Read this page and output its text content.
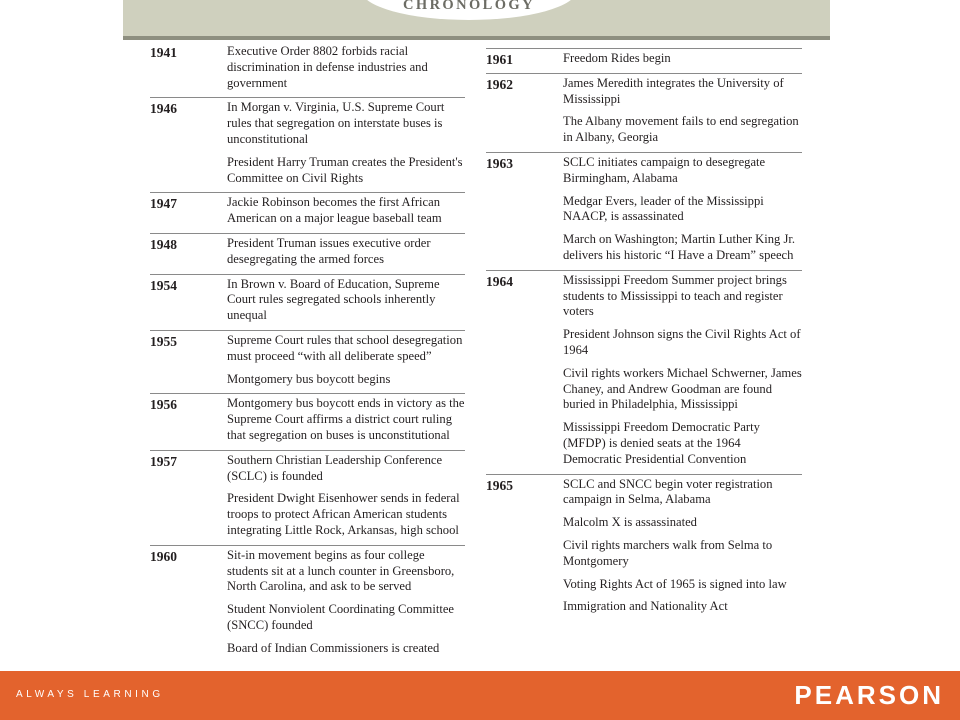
CHRONOLOGY
1941	Executive Order 8802 forbids racial discrimination in defense industries and government
1946	In Morgan v. Virginia, U.S. Supreme Court rules that segregation on interstate buses is unconstitutional
President Harry Truman creates the President's Committee on Civil Rights
1947	Jackie Robinson becomes the first African American on a major league baseball team
1948	President Truman issues executive order desegregating the armed forces
1954	In Brown v. Board of Education, Supreme Court rules segregated schools inherently unequal
1955	Supreme Court rules that school desegregation must proceed “with all deliberate speed”
Montgomery bus boycott begins
1956	Montgomery bus boycott ends in victory as the Supreme Court affirms a district court ruling that segregation on buses is unconstitutional
1957	Southern Christian Leadership Conference (SCLC) is founded
President Dwight Eisenhower sends in federal troops to protect African American students integrating Little Rock, Arkansas, high school
1960	Sit-in movement begins as four college students sit at a lunch counter in Greensboro, North Carolina, and ask to be served
Student Nonviolent Coordinating Committee (SNCC) founded
Board of Indian Commissioners is created
1961	Freedom Rides begin
1962	James Meredith integrates the University of Mississippi
The Albany movement fails to end segregation in Albany, Georgia
1963	SCLC initiates campaign to desegregate Birmingham, Alabama
Medgar Evers, leader of the Mississippi NAACP, is assassinated
March on Washington; Martin Luther King Jr. delivers his historic “I Have a Dream” speech
1964	Mississippi Freedom Summer project brings students to Mississippi to teach and register voters
President Johnson signs the Civil Rights Act of 1964
Civil rights workers Michael Schwerner, James Chaney, and Andrew Goodman are found buried in Philadelphia, Mississippi
Mississippi Freedom Democratic Party (MFDP) is denied seats at the 1964 Democratic Presidential Convention
1965	SCLC and SNCC begin voter registration campaign in Selma, Alabama
Malcolm X is assassinated
Civil rights marchers walk from Selma to Montgomery
Voting Rights Act of 1965 is signed into law
Immigration and Nationality Act
ALWAYS LEARNING	PEARSON
